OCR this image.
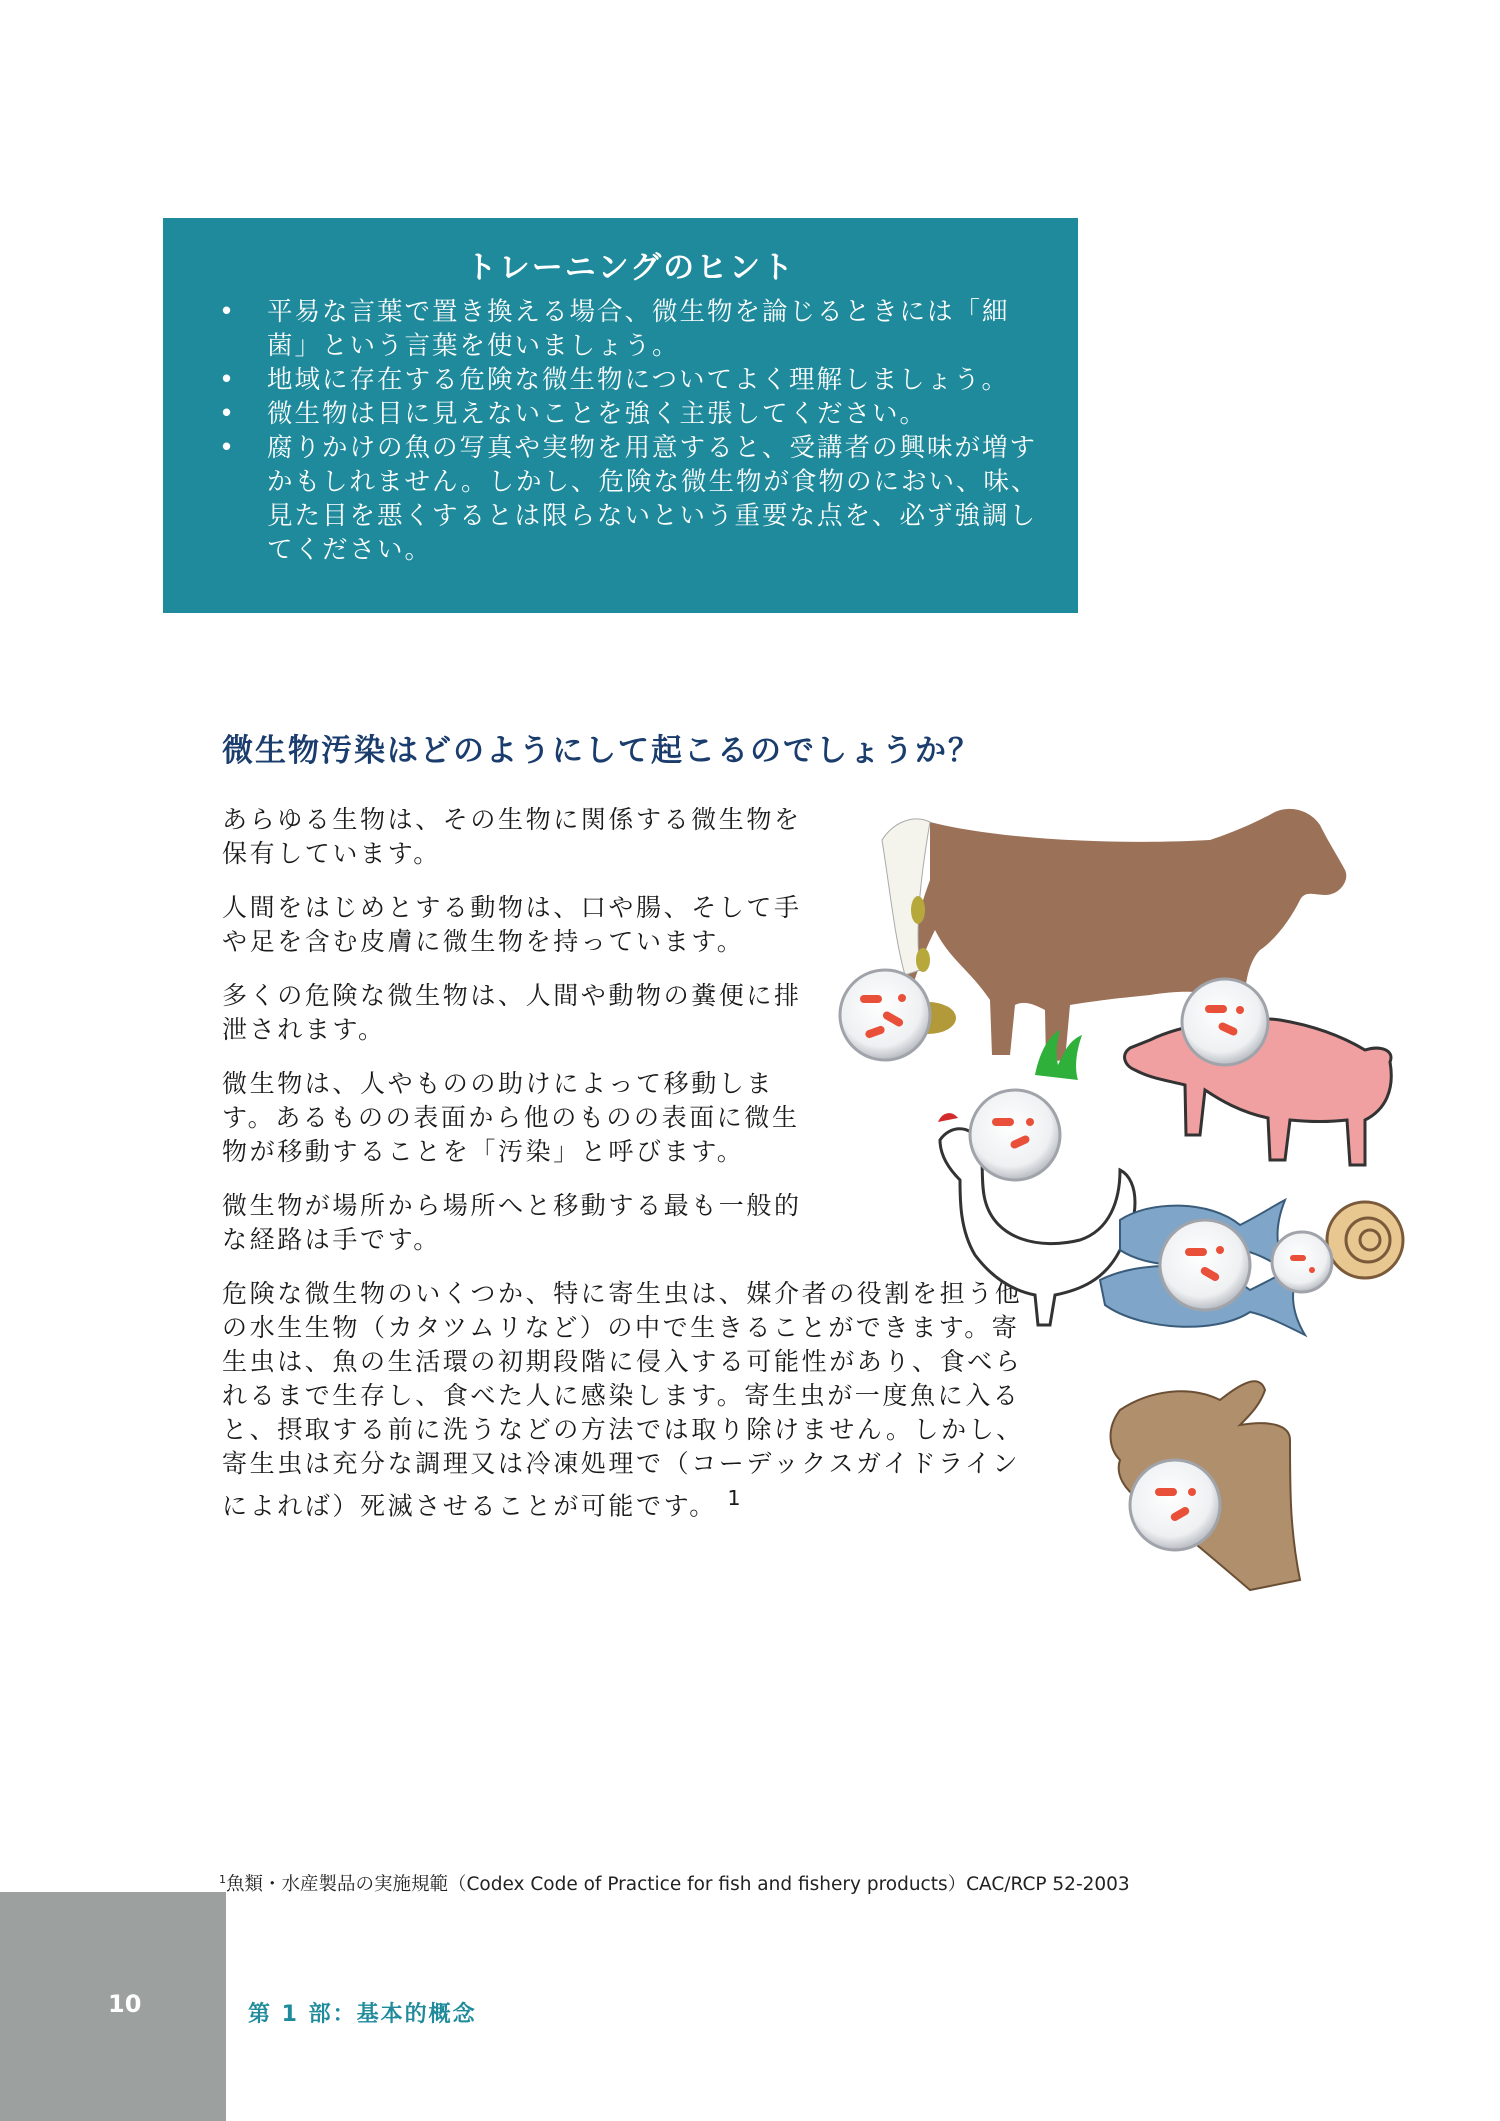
トレーニングのヒント
• 平易な言葉で置き換える場合、微生物を論じるときには「細菌」という言葉を使いましょう。
• 地域に存在する危険な微生物についてよく理解しましょう。
• 微生物は目に見えないことを強く主張してください。
• 腐りかけの魚の写真や実物を用意すると、受講者の興味が増すかもしれません。しかし、危険な微生物が食物のにおい、味、見た目を悪くするとは限らないという重要な点を、必ず強調してください。
微生物汚染はどのようにして起こるのでしょうか？

あらゆる生物は、その生物に関係する微生物を保有しています。

人間をはじめとする動物は、口や腸、そして手や足を含む皮膚に微生物を持っています。

多くの危険な微生物は、人間や動物の糞便に排泄されます。

微生物は、人やものの助けによって移動します。あるものの表面から他のものの表面に微生物が移動することを「汚染」と呼びます。

微生物が場所から場所へと移動する最も一般的な経路は手です。

危険な微生物のいくつか、特に寄生虫は、媒介者の役割を担う他の水生生物（カタツムリなど）の中で生きることができます。寄生虫は、魚の生活環の初期段階に侵入する可能性があり、食べられるまで生存し、食べた人に感染します。寄生虫が一度魚に入ると、摂取する前に洗うなどの方法では取り除けません。しかし、寄生虫は充分な調理又は冷凍処理で（コーデックスガイドラインによれば）死滅させることが可能です。 $^1$

$^1$魚類・水産製品の実施規範（Codex Code of Practice for fish and fishery products）CAC/RCP 52-2003
10	第 1 部：基本的概念
